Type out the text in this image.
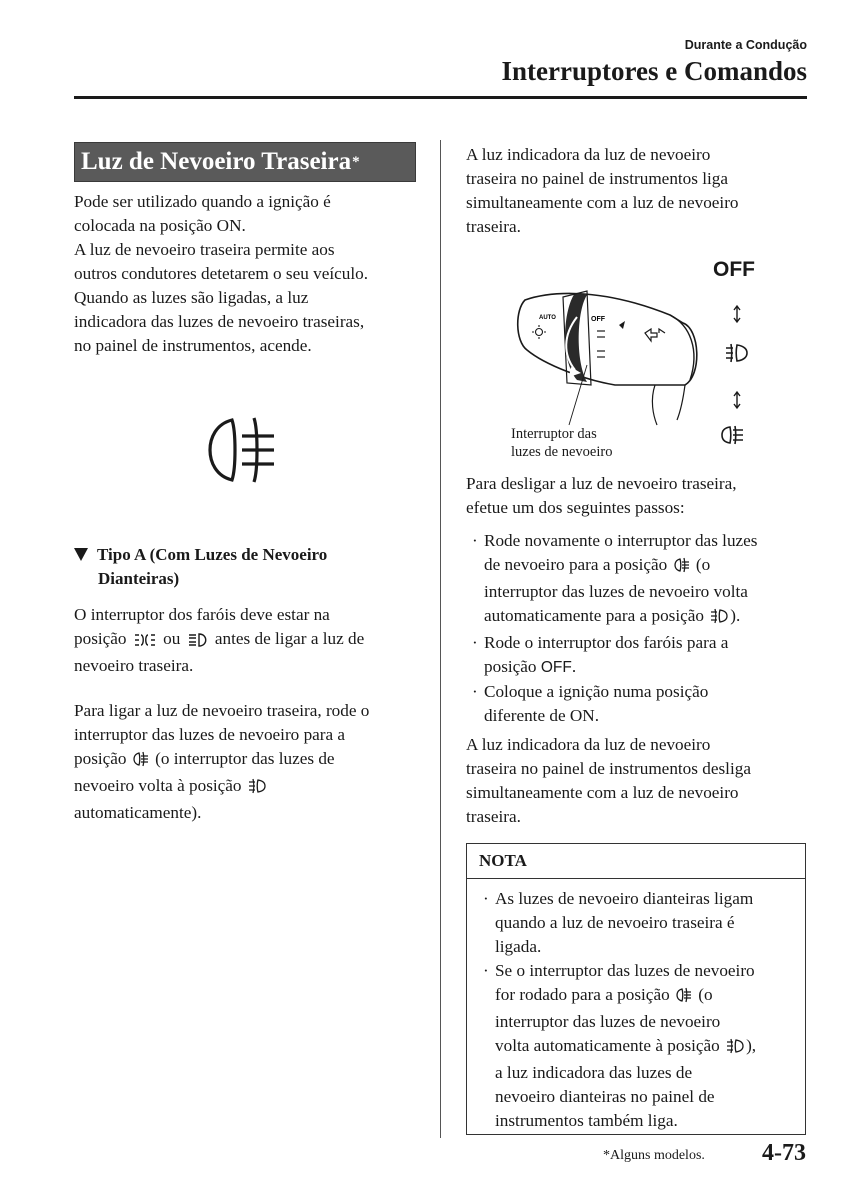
Durante a Condução
Interruptores e Comandos
Luz de Nevoeiro Traseira *
Pode ser utilizado quando a ignição é
colocada na posição ON.
A luz de nevoeiro traseira permite aos
outros condutores detetarem o seu veículo.
Quando as luzes são ligadas, a luz
indicadora das luzes de nevoeiro traseiras,
no painel de instrumentos, acende.
Tipo A (Com Luzes de Nevoeiro
Dianteiras)
O interruptor dos faróis deve estar na
posição ou antes de ligar a luz de
nevoeiro traseira.
Para ligar a luz de nevoeiro traseira, rode o
interruptor das luzes de nevoeiro para a
posição (o interruptor das luzes de
nevoeiro volta à posição
automaticamente).
A luz indicadora da luz de nevoeiro
traseira no painel de instrumentos liga
simultaneamente com a luz de nevoeiro
traseira.
OFF
OFF
AUTO
Interruptor das
luzes de nevoeiro
Para desligar a luz de nevoeiro traseira,
efetue um dos seguintes passos:
· Rode novamente o interruptor das luzes
de nevoeiro para a posição (o
interruptor das luzes de nevoeiro volta
automaticamente para a posição ).
· Rode o interruptor dos faróis para a
posição OFF.
· Coloque a ignição numa posição
diferente de ON.
A luz indicadora da luz de nevoeiro
traseira no painel de instrumentos desliga
simultaneamente com a luz de nevoeiro
traseira.
NOTA
· As luzes de nevoeiro dianteiras ligam
quando a luz de nevoeiro traseira é
ligada.
· Se o interruptor das luzes de nevoeiro
for rodado para a posição (o
interruptor das luzes de nevoeiro
volta automaticamente à posição ),
a luz indicadora das luzes de
nevoeiro dianteiras no painel de
instrumentos também liga.
*Alguns modelos. 4-73
